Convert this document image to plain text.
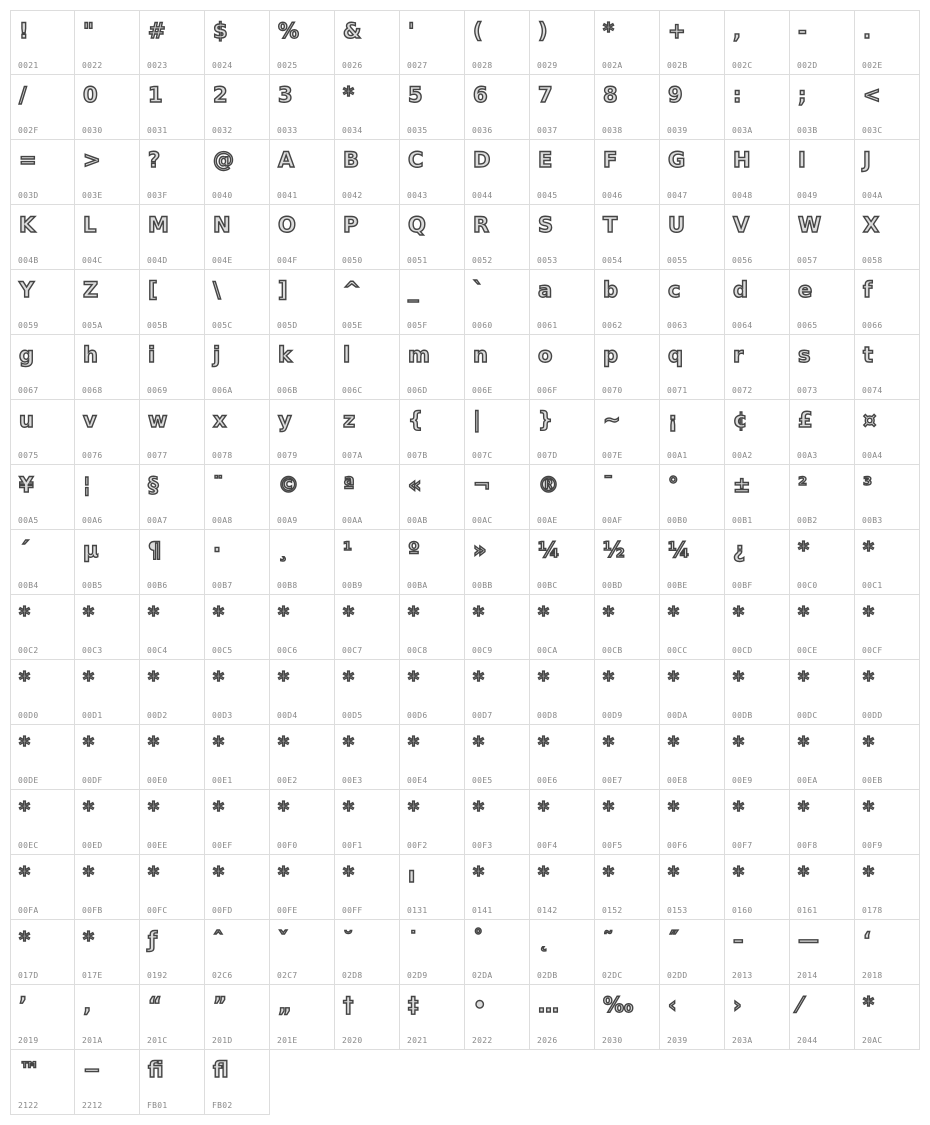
!
0021
"
0022
#
0023
$
0024
%
0025
&
0026
'
0027
(
0028
)
0029
*
002A
+
002B
,
002C
-
002D
.
002E
/
002F
0
0030
1
0031
2
0032
3
0033
*
0034
5
0035
6
0036
7
0037
8
0038
9
0039
:
003A
;
003B
<
003C
=
003D
>
003E
?
003F
@
0040
A
0041
B
0042
C
0043
D
0044
E
0045
F
0046
G
0047
H
0048
I
0049
J
004A
K
004B
L
004C
M
004D
N
004E
O
004F
P
0050
Q
0051
R
0052
S
0053
T
0054
U
0055
V
0056
W
0057
X
0058
Y
0059
Z
005A
[
005B
\
005C
]
005D
^
005E
_
005F
`
0060
a
0061
b
0062
c
0063
d
0064
e
0065
f
0066
g
0067
h
0068
i
0069
j
006A
k
006B
l
006C
m
006D
n
006E
o
006F
p
0070
q
0071
r
0072
s
0073
t
0074
u
0075
v
0076
w
0077
x
0078
y
0079
z
007A
{
007B
|
007C
}
007D
~
007E
¡
00A1
¢
00A2
£
00A3
¤
00A4
¥
00A5
¦
00A6
§
00A7
¨
00A8
©
00A9
ª
00AA
«
00AB
¬
00AC
®
00AE
¯
00AF
°
00B0
±
00B1
²
00B2
³
00B3
´
00B4
µ
00B5
¶
00B6
·
00B7
¸
00B8
¹
00B9
º
00BA
»
00BB
¼
00BC
½
00BD
¼
00BE
¿
00BF
*
00C0
*
00C1
*
00C2
*
00C3
*
00C4
*
00C5
*
00C6
*
00C7
*
00C8
*
00C9
*
00CA
*
00CB
*
00CC
*
00CD
*
00CE
*
00CF
*
00D0
*
00D1
*
00D2
*
00D3
*
00D4
*
00D5
*
00D6
*
00D7
*
00D8
*
00D9
*
00DA
*
00DB
*
00DC
*
00DD
*
00DE
*
00DF
*
00E0
*
00E1
*
00E2
*
00E3
*
00E4
*
00E5
*
00E6
*
00E7
*
00E8
*
00E9
*
00EA
*
00EB
*
00EC
*
00ED
*
00EE
*
00EF
*
00F0
*
00F1
*
00F2
*
00F3
*
00F4
*
00F5
*
00F6
*
00F7
*
00F8
*
00F9
*
00FA
*
00FB
*
00FC
*
00FD
*
00FE
*
00FF
ı
0131
*
0141
*
0142
*
0152
*
0153
*
0160
*
0161
*
0178
*
017D
*
017E
ƒ
0192
ˆ
02C6
ˇ
02C7
˘
02D8
˙
02D9
˚
02DA
˛
02DB
˜
02DC
˝
02DD
–
2013
—
2014
‘
2018
’
2019
‚
201A
“
201C
”
201D
„
201E
†
2020
‡
2021
•
2022
…
2026
‰
2030
‹
2039
›
203A
⁄
2044
*
20AC
™
2122
−
2212
ﬁ
FB01
ﬂ
FB02
